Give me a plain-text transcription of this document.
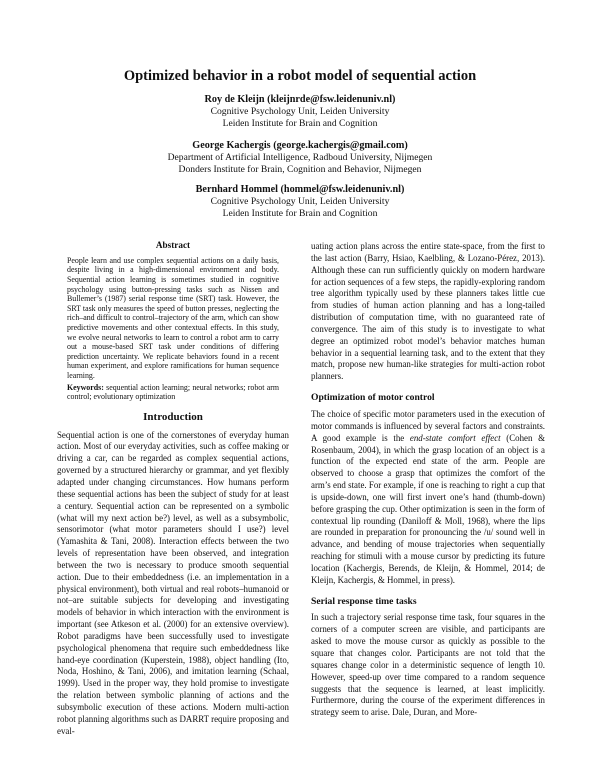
Optimized behavior in a robot model of sequential action
Roy de Kleijn (kleijnrde@fsw.leidenuniv.nl)
Cognitive Psychology Unit, Leiden University
Leiden Institute for Brain and Cognition
George Kachergis (george.kachergis@gmail.com)
Department of Artificial Intelligence, Radboud University, Nijmegen
Donders Institute for Brain, Cognition and Behavior, Nijmegen
Bernhard Hommel (hommel@fsw.leidenuniv.nl)
Cognitive Psychology Unit, Leiden University
Leiden Institute for Brain and Cognition
Abstract
People learn and use complex sequential actions on a daily basis, despite living in a high-dimensional environment and body. Sequential action learning is sometimes studied in cognitive psychology using button-pressing tasks such as Nissen and Bullemer’s (1987) serial response time (SRT) task. However, the SRT task only measures the speed of button presses, neglecting the rich–and difficult to control–trajectory of the arm, which can show predictive movements and other contextual effects. In this study, we evolve neural networks to learn to control a robot arm to carry out a mouse-based SRT task under conditions of differing prediction uncertainty. We replicate behaviors found in a recent human experiment, and explore ramifications for human sequence learning.
Keywords: sequential action learning; neural networks; robot arm control; evolutionary optimization
Introduction

Sequential action is one of the cornerstones of everyday human action. Most of our everyday activities, such as coffee making or driving a car, can be regarded as complex sequential actions, governed by a structured hierarchy or grammar, and yet flexibly adapted under changing circumstances. How humans perform these sequential actions has been the subject of study for at least a century. Sequential action can be represented on a symbolic (what will my next action be?) level, as well as a subsymbolic, sensorimotor (what motor parameters should I use?) level (Yamashita & Tani, 2008). Interaction effects between the two levels of representation have been observed, and integration between the two is necessary to produce smooth sequential action. Due to their embeddedness (i.e. an implementation in a physical environment), both virtual and real robots–humanoid or not–are suitable subjects for developing and investigating models of behavior in which interaction with the environment is important (see Atkeson et al. (2000) for an extensive overview). Robot paradigms have been successfully used to investigate psychological phenomena that require such embeddedness like hand-eye coordination (Kuperstein, 1988), object handling (Ito, Noda, Hoshino, & Tani, 2006), and imitation learning (Schaal, 1999). Used in the proper way, they hold promise to investigate the relation between symbolic planning of actions and the subsymbolic execution of these actions. Modern multi-action robot planning algorithms such as DARRT require proposing and eval-

uating action plans across the entire state-space, from the first to the last action (Barry, Hsiao, Kaelbling, & Lozano-Pérez, 2013). Although these can run sufficiently quickly on modern hardware for action sequences of a few steps, the rapidly-exploring random tree algorithm typically used by these planners takes little cue from studies of human action planning and has a long-tailed distribution of computation time, with no guaranteed rate of convergence. The aim of this study is to investigate to what degree an optimized robot model’s behavior matches human behavior in a sequential learning task, and to the extent that they match, propose new human-like strategies for multi-action robot planners.

Optimization of motor control

The choice of specific motor parameters used in the execution of motor commands is influenced by several factors and constraints. A good example is the end-state comfort effect (Cohen & Rosenbaum, 2004), in which the grasp location of an object is a function of the expected end state of the arm. People are observed to choose a grasp that optimizes the comfort of the arm’s end state. For example, if one is reaching to right a cup that is upside-down, one will first invert one’s hand (thumb-down) before grasping the cup. Other optimization is seen in the form of contextual lip rounding (Daniloff & Moll, 1968), where the lips are rounded in preparation for pronouncing the /u/ sound well in advance, and bending of mouse trajectories when sequentially reaching for stimuli with a mouse cursor by predicting its future location (Kachergis, Berends, de Kleijn, & Hommel, 2014; de Kleijn, Kachergis, & Hommel, in press).

Serial response time tasks

In such a trajectory serial response time task, four squares in the corners of a computer screen are visible, and participants are asked to move the mouse cursor as quickly as possible to the square that changes color. Participants are not told that the squares change color in a deterministic sequence of length 10. However, speed-up over time compared to a random sequence suggests that the sequence is learned, at least implicitly. Furthermore, during the course of the experiment differences in strategy seem to arise. Dale, Duran, and More-
